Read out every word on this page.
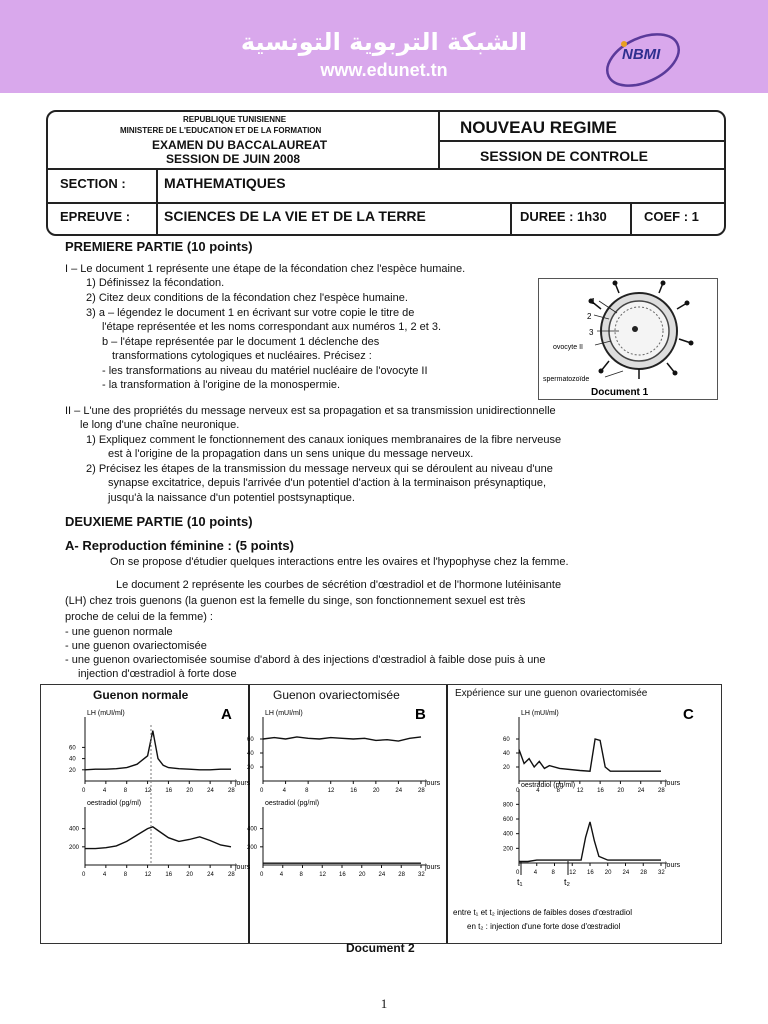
الشبكة التربوية التونسية
www.edunet.tn
NBMI
REPUBLIQUE TUNISIENNE
MINISTERE DE L'EDUCATION ET DE LA FORMATION
EXAMEN DU BACCALAUREAT
SESSION DE JUIN 2008
NOUVEAU REGIME
SESSION DE CONTROLE
SECTION :	MATHEMATIQUES
EPREUVE : SCIENCES DE LA VIE ET DE LA TERRE	DUREE : 1h30	COEF : 1
PREMIERE PARTIE (10 points)
I – Le document 1 représente une étape de la fécondation chez l'espèce humaine.
1) Définissez la fécondation.
2) Citez deux conditions de la fécondation chez l'espèce humaine.
3) a – légendez le document 1 en écrivant sur votre copie le titre de
l'étape représentée et les noms correspondant aux numéros 1, 2 et 3.
b – l'étape représentée par le document 1 déclenche des
transformations cytologiques et nucléaires. Précisez :
- les transformations au niveau du matériel nucléaire de l'ovocyte II
- la transformation à l'origine de la monospermie.
1
2
3
ovocyte II
spermatozoïde
Document 1
II – L'une des propriétés du message nerveux est sa propagation et sa transmission unidirectionnelle
le long d'une chaîne neuronique.
1) Expliquez comment le fonctionnement des canaux ioniques membranaires de la fibre nerveuse
est à l'origine de la propagation dans un sens unique du message nerveux.
2) Précisez les étapes de la transmission du message nerveux qui se déroulent au niveau d'une
synapse excitatrice, depuis l'arrivée d'un potentiel d'action à la terminaison présynaptique,
jusqu'à la naissance d'un potentiel postsynaptique.
DEUXIEME PARTIE (10 points)
A- Reproduction féminine : (5 points)
On se propose d'étudier quelques interactions entre les ovaires et l'hypophyse chez la femme.
Le document 2 représente les courbes de sécrétion d'œstradiol et de l'hormone lutéinisante
(LH) chez trois guenons (la guenon est la femelle du singe, son fonctionnement sexuel est très
proche de celui de la femme) :
- une guenon normale
- une guenon ovariectomisée
- une guenon ovariectomisée soumise d'abord à des injections d'œstradiol à faible dose puis à une
injection d'œstradiol à forte dose
Guenon normale	Guenon ovariectomisée	Expérience sur une guenon ovariectomisée
A	B	C
t₁	t₂
entre t₁ et t₂ injections de faibles doses d'œstradiol
en t₂ : injection d'une forte dose d'œstradiol
0	4	8	12 16 20 24 28
20
40
60
LH (mUI/ml)
jours
0	4	8	12 16 20 24 28
200
400
oestradiol (pg/ml)
jours
0	4	8	12	16	20	24	28
20
40
60
LH (mUI/ml)
jours
0	4	8	12 16 20 24 28 32
200
400
oestradiol (pg/ml)
jours
0	4	8	12 16 20 24 28
20
40
60
LH (mUI/ml)
jours
0 4 8 12 16 20 24 28 32
200
400
600
800
oestradiol (pg/ml)
jours
Document 2
1
